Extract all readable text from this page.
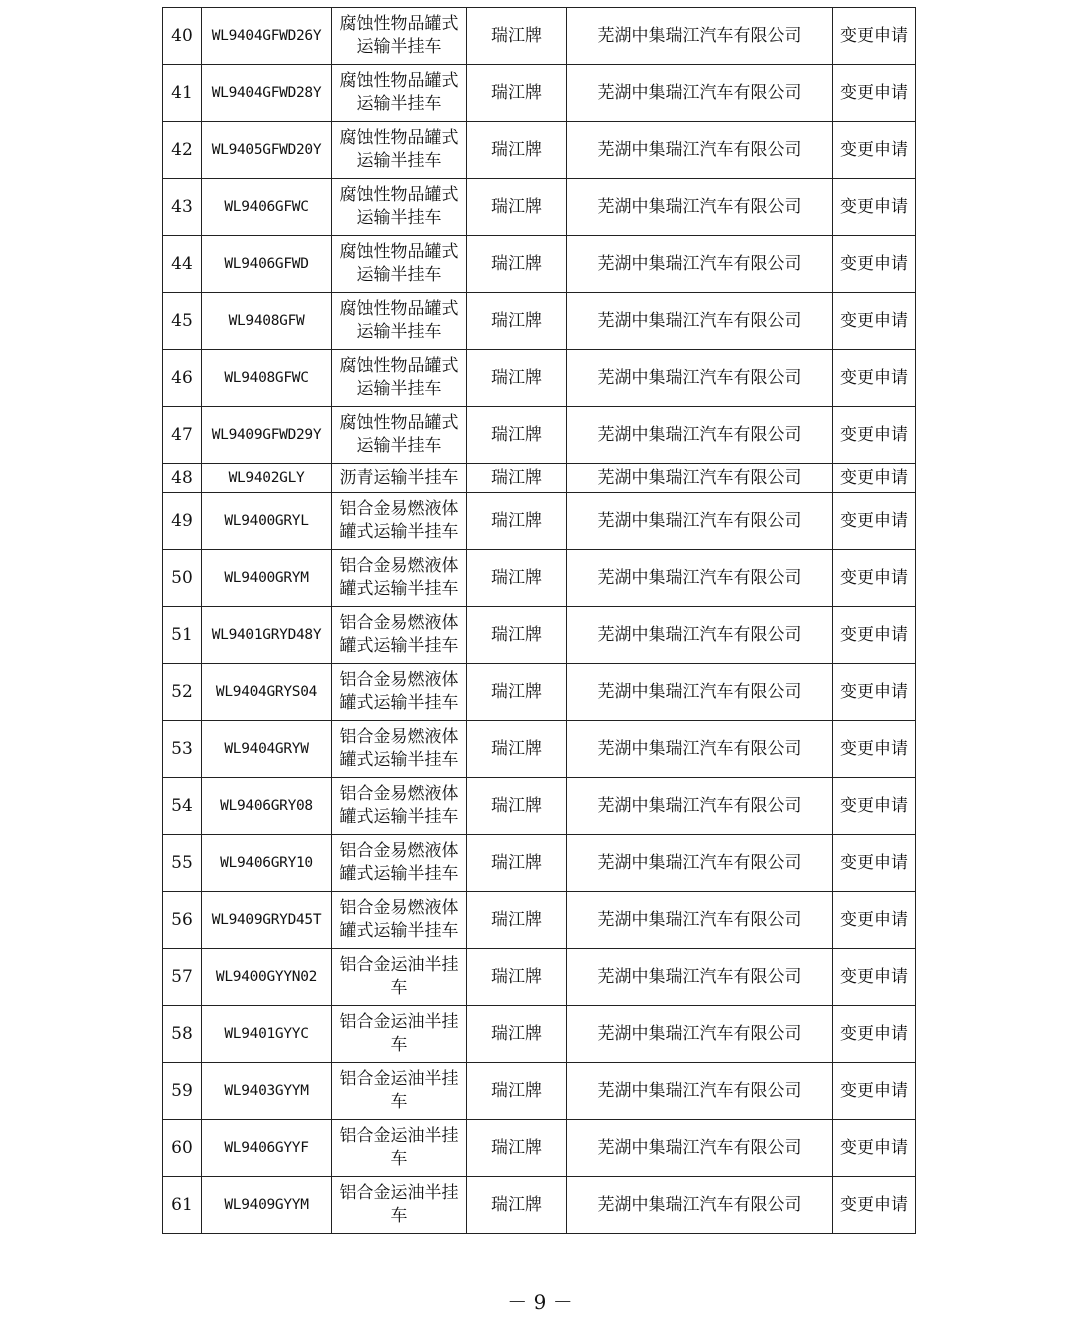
40	WL9404GFWD26Y	腐蚀性物品罐式运输半挂车	瑞江牌	芜湖中集瑞江汽车有限公司	变更申请
41	WL9404GFWD28Y	腐蚀性物品罐式运输半挂车	瑞江牌	芜湖中集瑞江汽车有限公司	变更申请
42	WL9405GFWD20Y	腐蚀性物品罐式运输半挂车	瑞江牌	芜湖中集瑞江汽车有限公司	变更申请
43	WL9406GFWC	腐蚀性物品罐式运输半挂车	瑞江牌	芜湖中集瑞江汽车有限公司	变更申请
44	WL9406GFWD	腐蚀性物品罐式运输半挂车	瑞江牌	芜湖中集瑞江汽车有限公司	变更申请
45	WL9408GFW	腐蚀性物品罐式运输半挂车	瑞江牌	芜湖中集瑞江汽车有限公司	变更申请
46	WL9408GFWC	腐蚀性物品罐式运输半挂车	瑞江牌	芜湖中集瑞江汽车有限公司	变更申请
47	WL9409GFWD29Y	腐蚀性物品罐式运输半挂车	瑞江牌	芜湖中集瑞江汽车有限公司	变更申请
48	WL9402GLY	沥青运输半挂车	瑞江牌	芜湖中集瑞江汽车有限公司	变更申请
49	WL9400GRYL	铝合金易燃液体罐式运输半挂车	瑞江牌	芜湖中集瑞江汽车有限公司	变更申请
50	WL9400GRYM	铝合金易燃液体罐式运输半挂车	瑞江牌	芜湖中集瑞江汽车有限公司	变更申请
51	WL9401GRYD48Y	铝合金易燃液体罐式运输半挂车	瑞江牌	芜湖中集瑞江汽车有限公司	变更申请
52	WL9404GRYS04	铝合金易燃液体罐式运输半挂车	瑞江牌	芜湖中集瑞江汽车有限公司	变更申请
53	WL9404GRYW	铝合金易燃液体罐式运输半挂车	瑞江牌	芜湖中集瑞江汽车有限公司	变更申请
54	WL9406GRY08	铝合金易燃液体罐式运输半挂车	瑞江牌	芜湖中集瑞江汽车有限公司	变更申请
55	WL9406GRY10	铝合金易燃液体罐式运输半挂车	瑞江牌	芜湖中集瑞江汽车有限公司	变更申请
56	WL9409GRYD45T	铝合金易燃液体罐式运输半挂车	瑞江牌	芜湖中集瑞江汽车有限公司	变更申请
57	WL9400GYYN02	铝合金运油半挂车	瑞江牌	芜湖中集瑞江汽车有限公司	变更申请
58	WL9401GYYC	铝合金运油半挂车	瑞江牌	芜湖中集瑞江汽车有限公司	变更申请
59	WL9403GYYM	铝合金运油半挂车	瑞江牌	芜湖中集瑞江汽车有限公司	变更申请
60	WL9406GYYF	铝合金运油半挂车	瑞江牌	芜湖中集瑞江汽车有限公司	变更申请
61	WL9409GYYM	铝合金运油半挂车	瑞江牌	芜湖中集瑞江汽车有限公司	变更申请
－ 9 －
